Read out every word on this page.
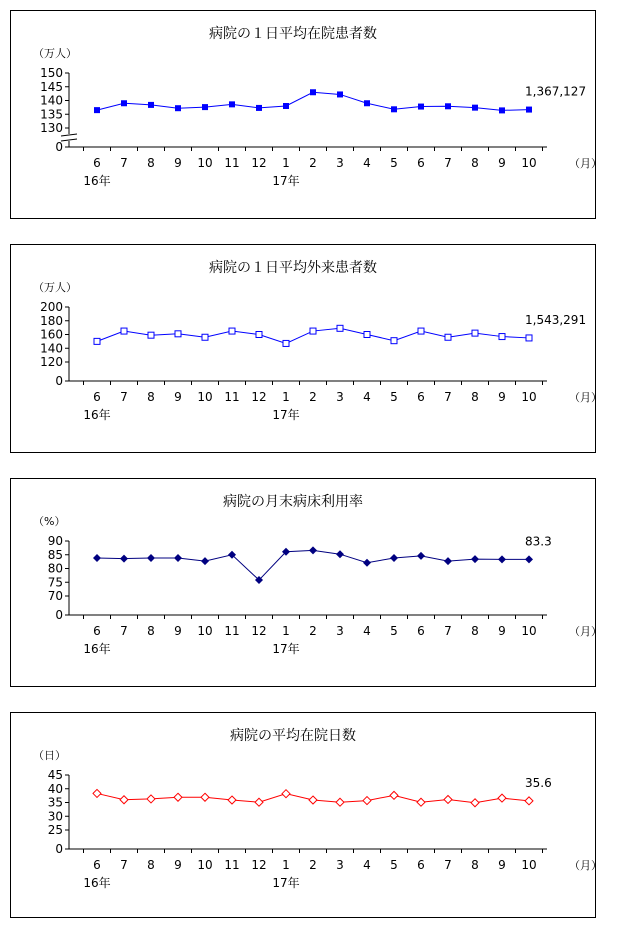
病院の１日平均在院患者数
（万人）
150
145
140
135
130
0
6 7 8 9 10 11 12 1 2 3 4 5 6 7 8 9 10	（月）
16年	17年
1,367,127
病院の１日平均外来患者数
（万人）
200
180
160
140
120
0
6 7 8 9 10 11 12 1 2 3 4 5 6 7 8 9 10	（月）
16年	17年
1,543,291
病院の月末病床利用率
（%）
90
85
80
75
70
0
6 7 8 9 10 11 12 1 2 3 4 5 6 7 8 9 10	（月）
16年	17年
83.3
病院の平均在院日数
（日）
45
40
35
30
25
0
6 7 8 9 10 11 12 1 2 3 4 5 6 7 8 9 10	（月）
16年	17年
35.6
